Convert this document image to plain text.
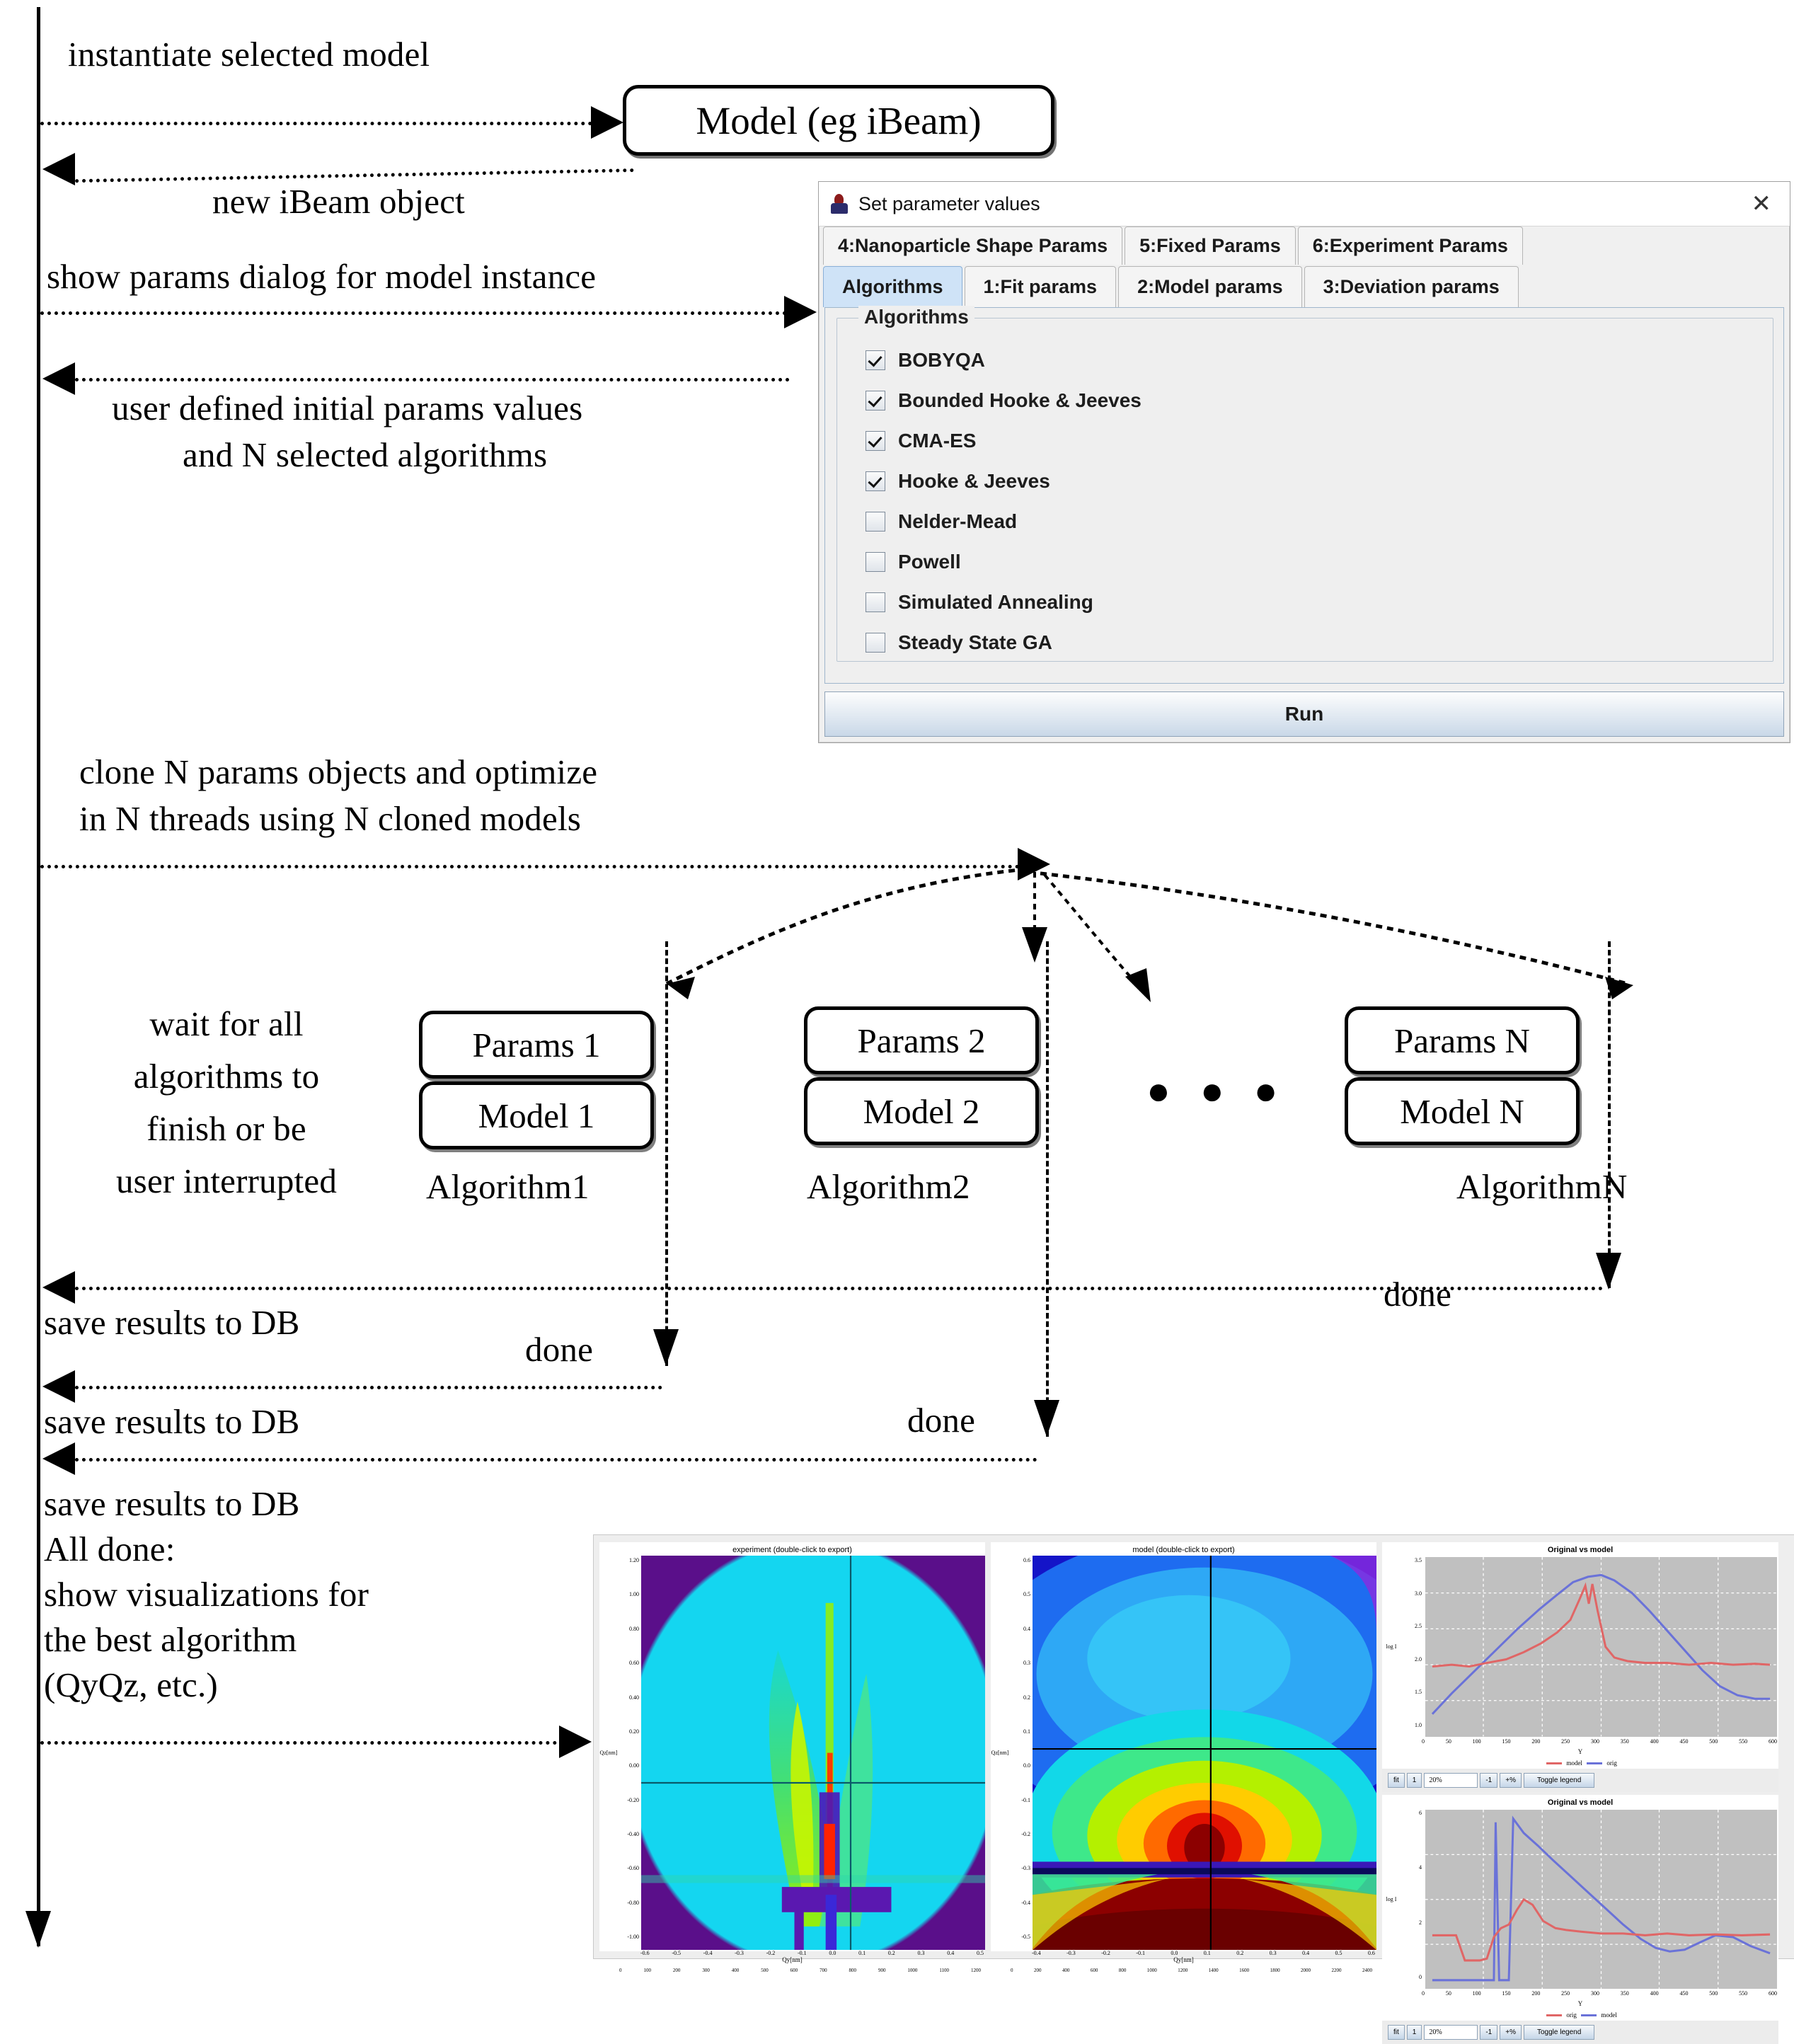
instantiate selected model
Model (eg iBeam)
new iBeam object
show params dialog for model instance
user defined initial params values
and N selected algorithms
clone N params objects and optimize
in N threads using N cloned models
wait for all
algorithms to
finish or be
user interrupted
Params 1
Model 1
Algorithm1
done
Params 2
Model 2
Algorithm2
done
● ● ●
Params N
Model N
AlgorithmN
done
save results to DB
save results to DB
save results to DB
All done:
show visualizations for
the best algorithm
(QyQz, etc.)
Set parameter values	✕
4:Nanoparticle Shape Params	5:Fixed Params	6:Experiment Params
Algorithms	1:Fit params	2:Model params	3:Deviation params
Algorithms
BOBYQA
Bounded Hooke & Jeeves
CMA-ES
Hooke & Jeeves
Nelder-Mead
Powell
Simulated Annealing
Steady State GA
Run
experiment (double-click to export)
Qz[nm]
1.20
1.00
0.80
0.60
0.40
0.20
0.00
-0.20
-0.40
-0.60
-0.80
-1.00
-0.6	-0.5	-0.4	-0.3	-0.2	-0.1	0.0	0.1	0.2	0.3	0.4	0.5
Qy[nm]
0	100	200	300	400	500	600	700	800	900	1000	1100	1200
model (double-click to export)
Qz[nm]
0.6
0.5
0.4
0.3
0.2
0.1
0.0
-0.1
-0.2
-0.3
-0.4
-0.5
-0.4	-0.3	-0.2	-0.1	0.0	0.1	0.2	0.3	0.4	0.5	0.6
Qy[nm]
0	200	400	600	800	1000	1200	1400	1600	1800	2000	2200	2400
Original vs model
log I
3.5
3.0
2.5
2.0
1.5
1.0
0	50	100	150	200	250	300	350	400	450	500	550	600
Y
model	orig
fit	1	20%	-1	+%	Toggle legend
Original vs model
log I
6
4
2
0
0	50	100	150	200	250	300	350	400	450	500	550	600
Y
orig	model
fit	1	20%	-1	+%	Toggle legend
